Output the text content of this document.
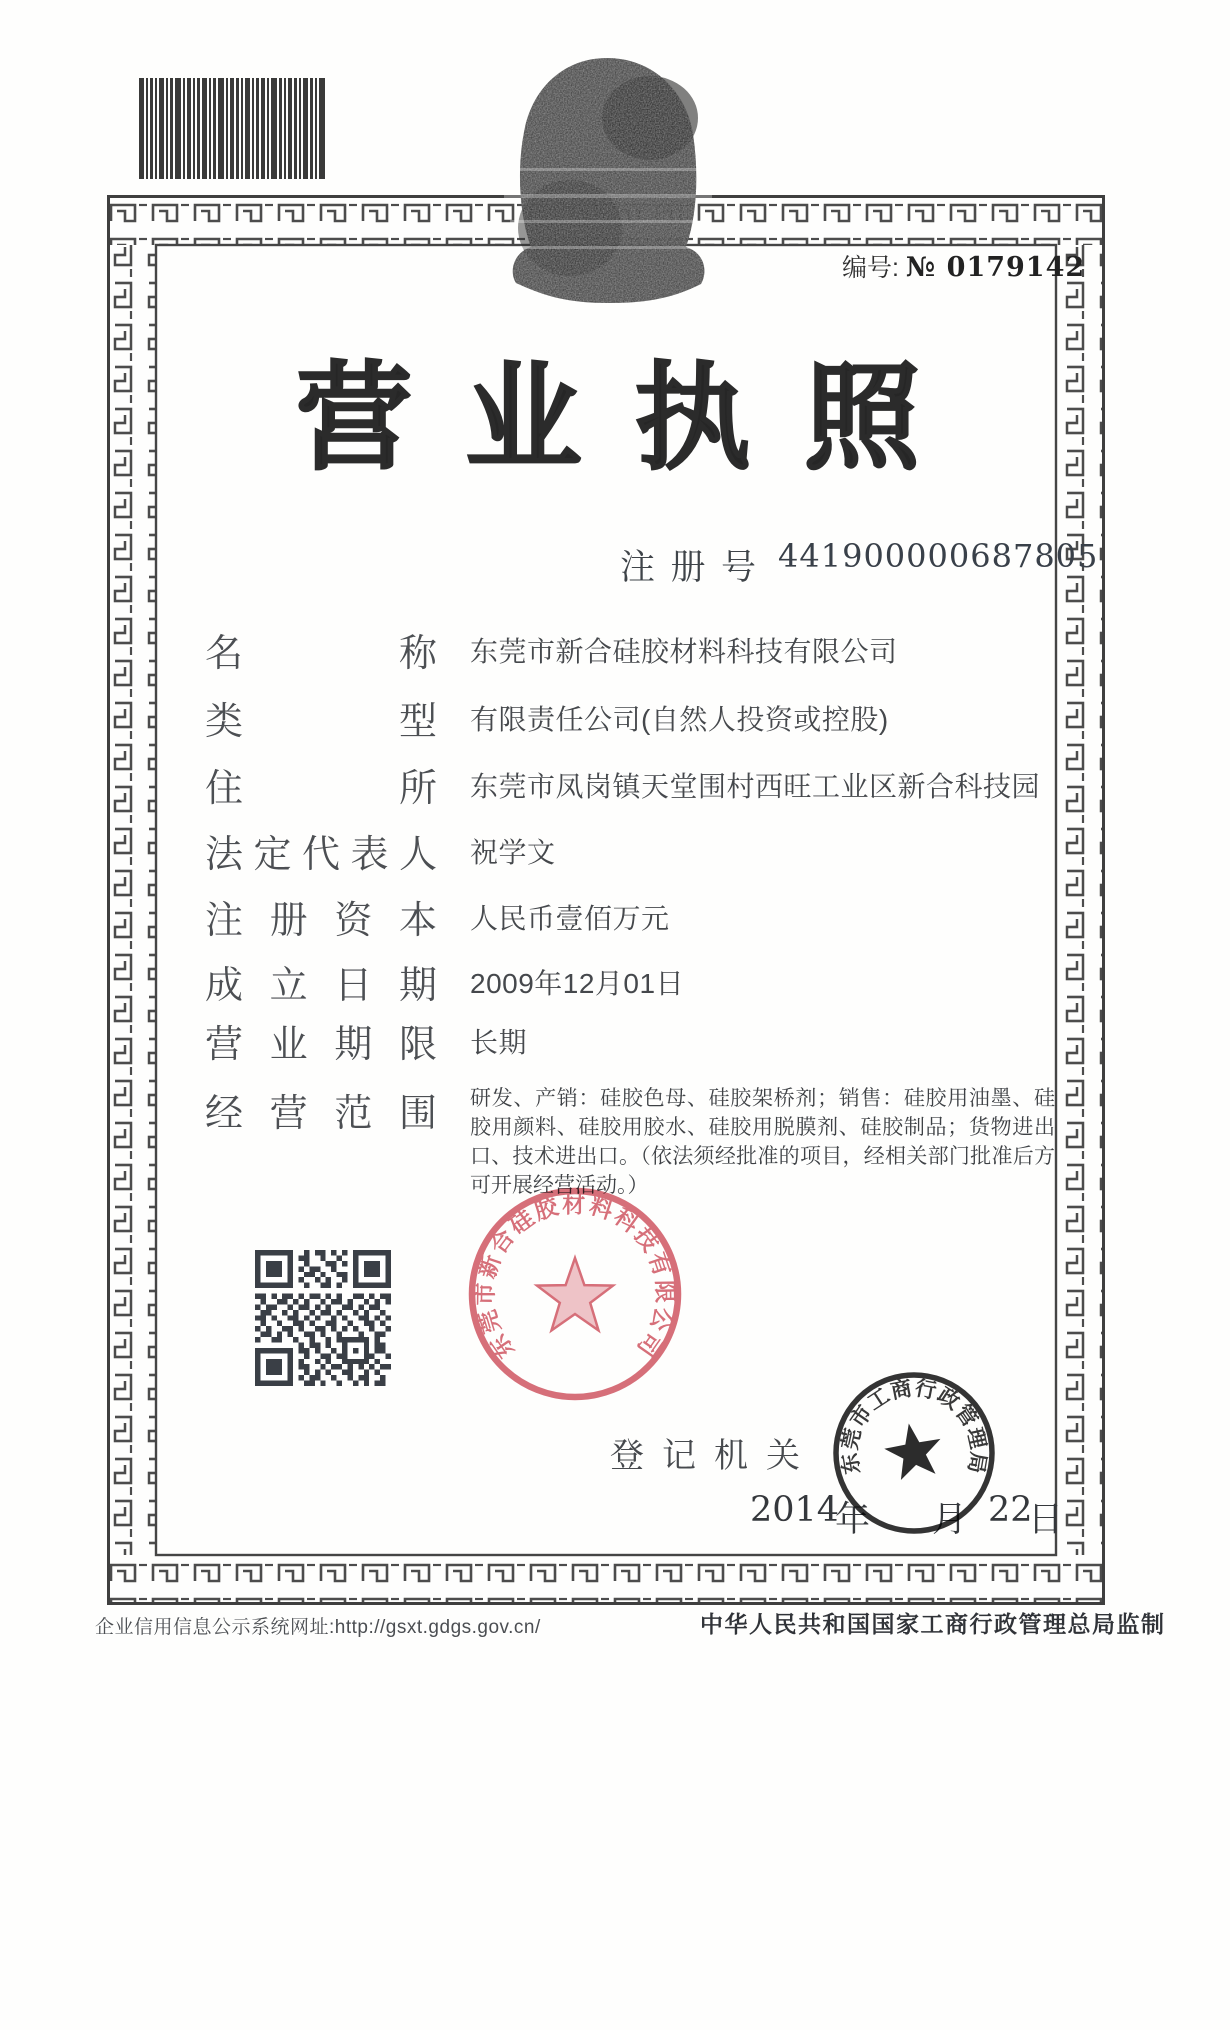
编号: № 0179142
营业执照
注册号 441900000687805
名称 东莞市新合硅胶材料科技有限公司
类型 有限责任公司(自然人投资或控股)
住所 东莞市凤岗镇天堂围村西旺工业区新合科技园
法定代表人 祝学文
注册资本 人民币壹佰万元
成立日期 2009年12月01日
营业期限 长期
经营范围 研发、产销：硅胶色母、硅胶架桥剂；销售：硅胶用油墨、硅胶用颜料、硅胶用胶水、硅胶用脱膜剂、硅胶制品；货物进出口、技术进出口。（依法须经批准的项目，经相关部门批准后方可开展经营活动。）
登记机关
2014
年 月 22
日
东莞市新合硅胶材料科技有限公司
东莞市工商行政管理局
企业信用信息公示系统网址:http://gsxt.gdgs.gov.cn/	中华人民共和国国家工商行政管理总局监制
